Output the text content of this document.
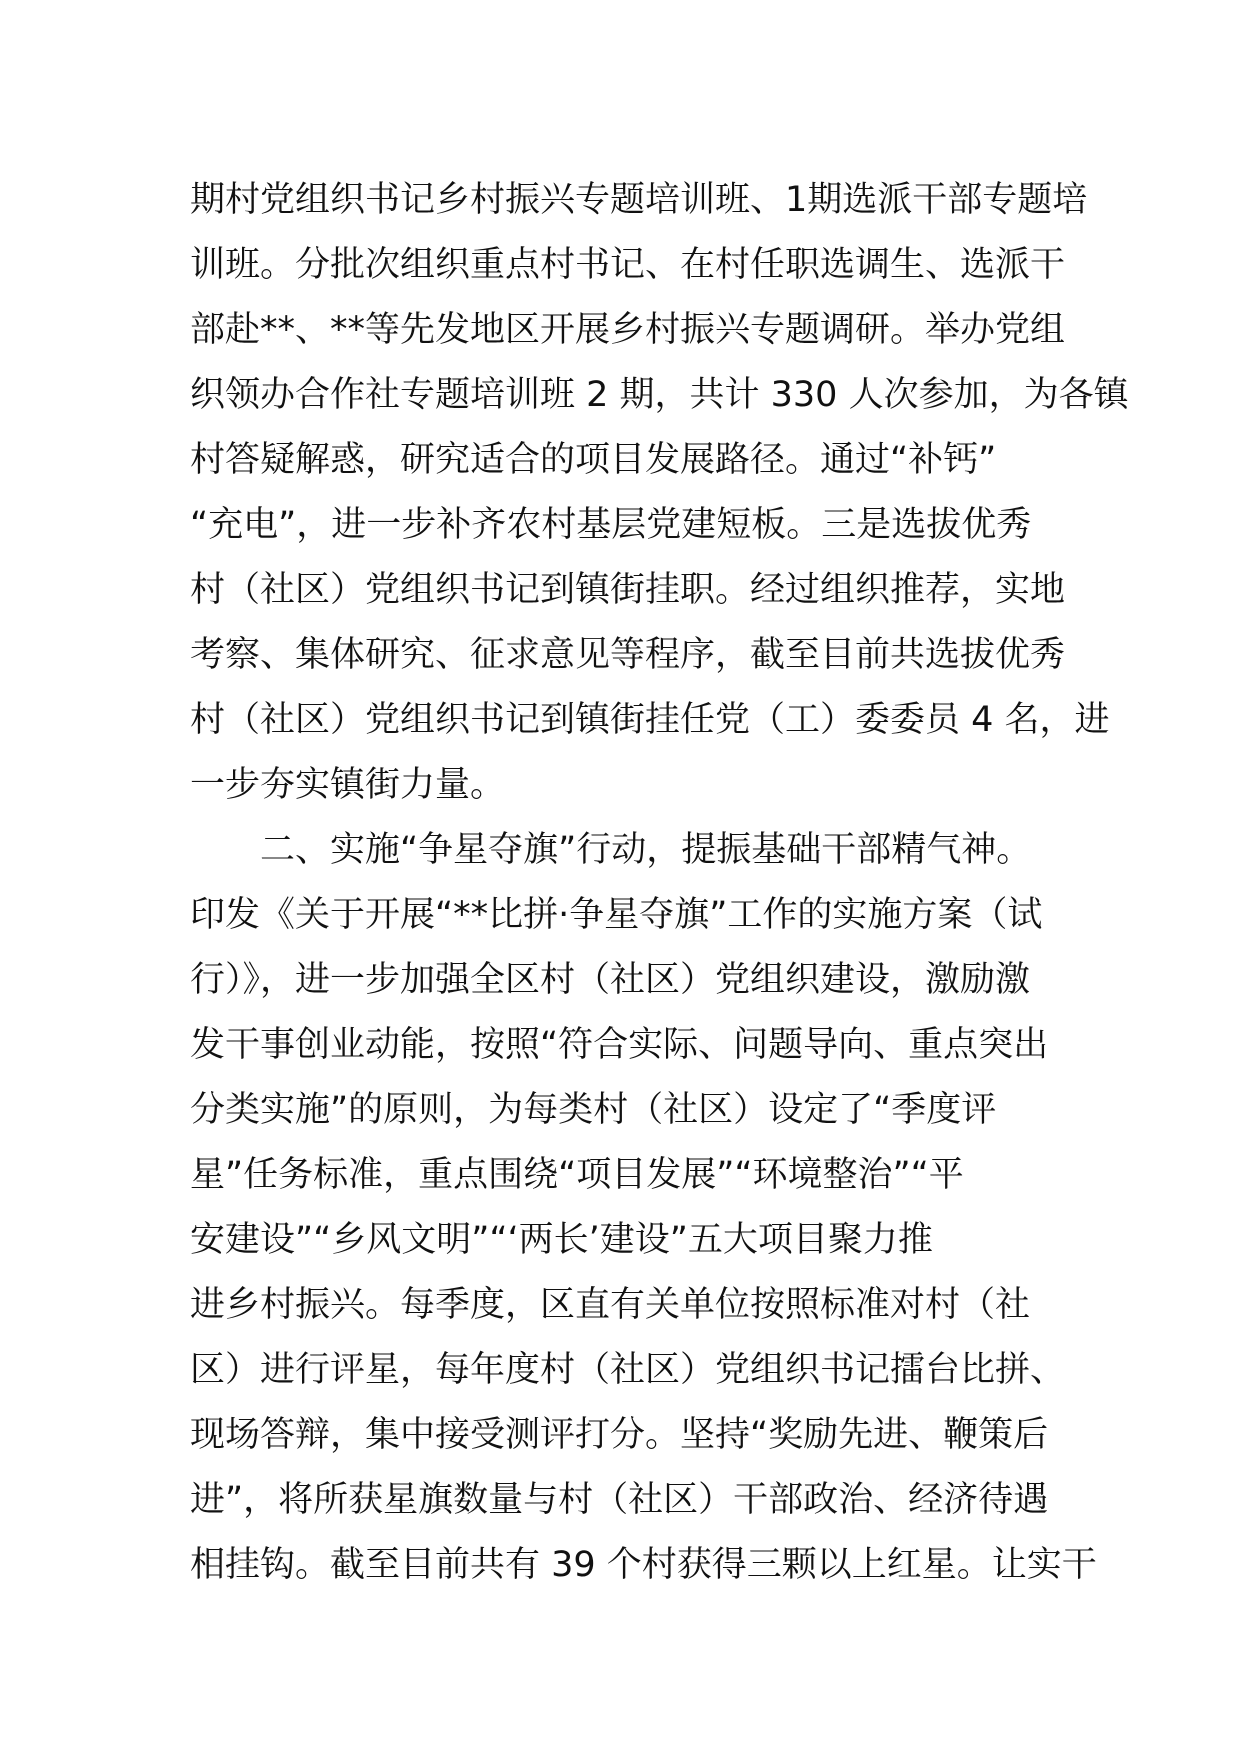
期村党组织书记乡村振兴专题培训班、1期选派干部专题培
训班。分批次组织重点村书记、在村任职选调生、选派干
部赴**、**等先发地区开展乡村振兴专题调研。举办党组
织领办合作社专题培训班 2 期，共计 330 人次参加，为各镇
村答疑解惑，研究适合的项目发展路径。通过“补钙”
“充电”，进一步补齐农村基层党建短板。三是选拔优秀
村（社区）党组织书记到镇街挂职。经过组织推荐，实地
考察、集体研究、征求意见等程序，截至目前共选拔优秀
村（社区）党组织书记到镇街挂任党（工）委委员 4 名，进
一步夯实镇街力量。
　　二、实施“争星夺旗”行动，提振基础干部精气神。
印发《关于开展“**比拼·争星夺旗”工作的实施方案（试
行）》，进一步加强全区村（社区）党组织建设，激励激
发干事创业动能，按照“符合实际、问题导向、重点突出
分类实施”的原则，为每类村（社区）设定了“季度评
星”任务标准，重点围绕“项目发展”“环境整治”“平
安建设”“乡风文明”“‘两长’建设”五大项目聚力推
进乡村振兴。每季度，区直有关单位按照标准对村（社
区）进行评星，每年度村（社区）党组织书记擂台比拼、
现场答辩，集中接受测评打分。坚持“奖励先进、鞭策后
进”，将所获星旗数量与村（社区）干部政治、经济待遇
相挂钩。截至目前共有 39 个村获得三颗以上红星。让实干
